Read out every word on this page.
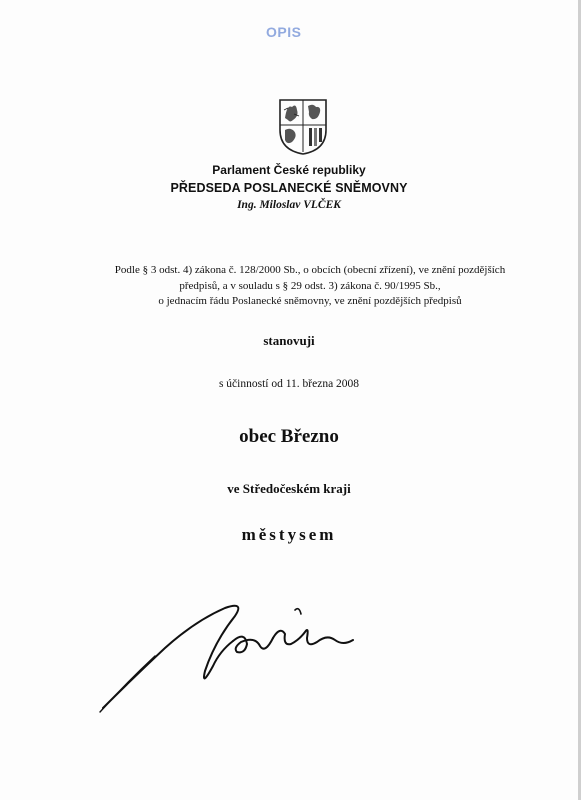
OPIS
Parlament České republiky
PŘEDSEDA POSLANECKÉ SNĚMOVNY
Ing. Miloslav VLČEK
Podle § 3 odst. 4) zákona č. 128/2000 Sb., o obcích (obecní zřízení), ve znění pozdějších
předpisů, a v souladu s § 29 odst. 3) zákona č. 90/1995 Sb.,
o jednacím řádu Poslanecké sněmovny, ve znění pozdějších předpisů
stanovuji
s účinností od 11. března 2008
obec Březno
ve Středočeském kraji
městysem
